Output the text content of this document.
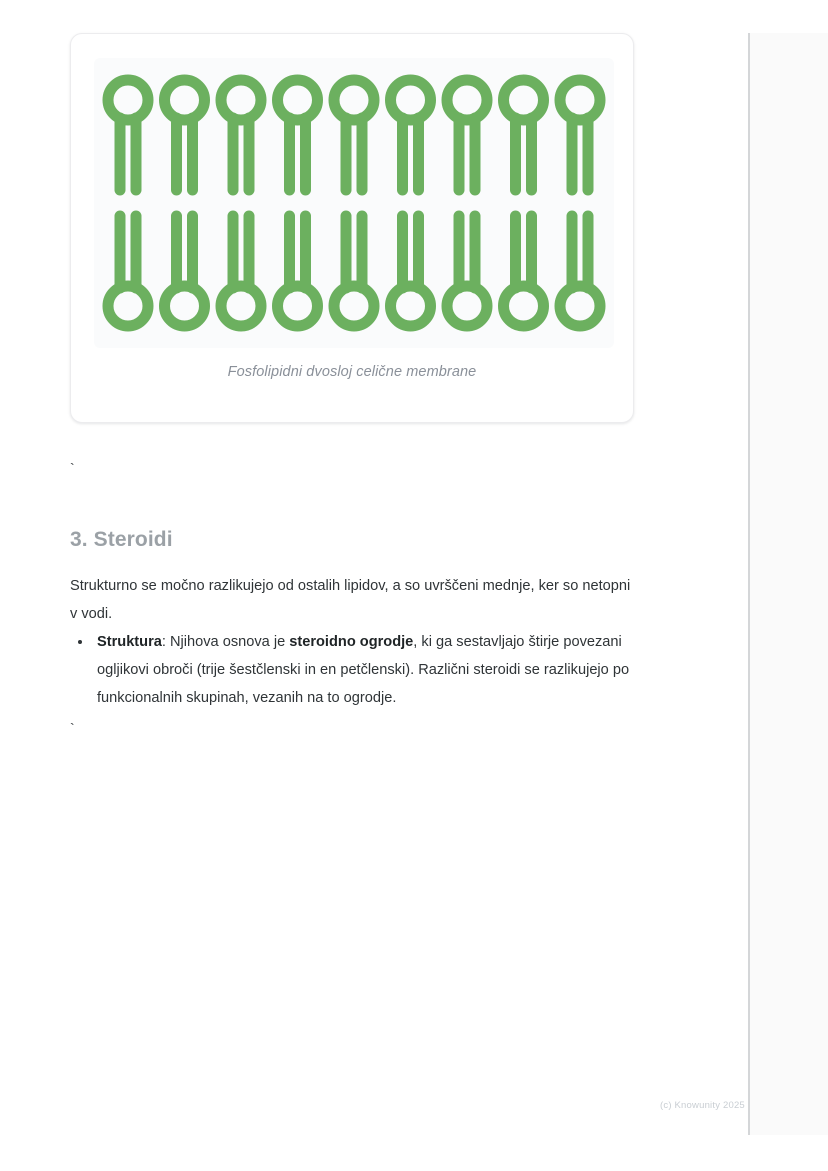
Fosfolipidni dvosloj celične membrane
`
3. Steroidi

Strukturno se močno razlikujejo od ostalih lipidov, a so uvrščeni mednje, ker so netopni v vodi.

Struktura: Njihova osnova je steroidno ogrodje, ki ga sestavljajo štirje povezani ogljikovi obroči (trije šestčlenski in en petčlenski). Različni steroidi se razlikujejo po funkcionalnih skupinah, vezanih na to ogrodje.
`
(c) Knowunity 2025
